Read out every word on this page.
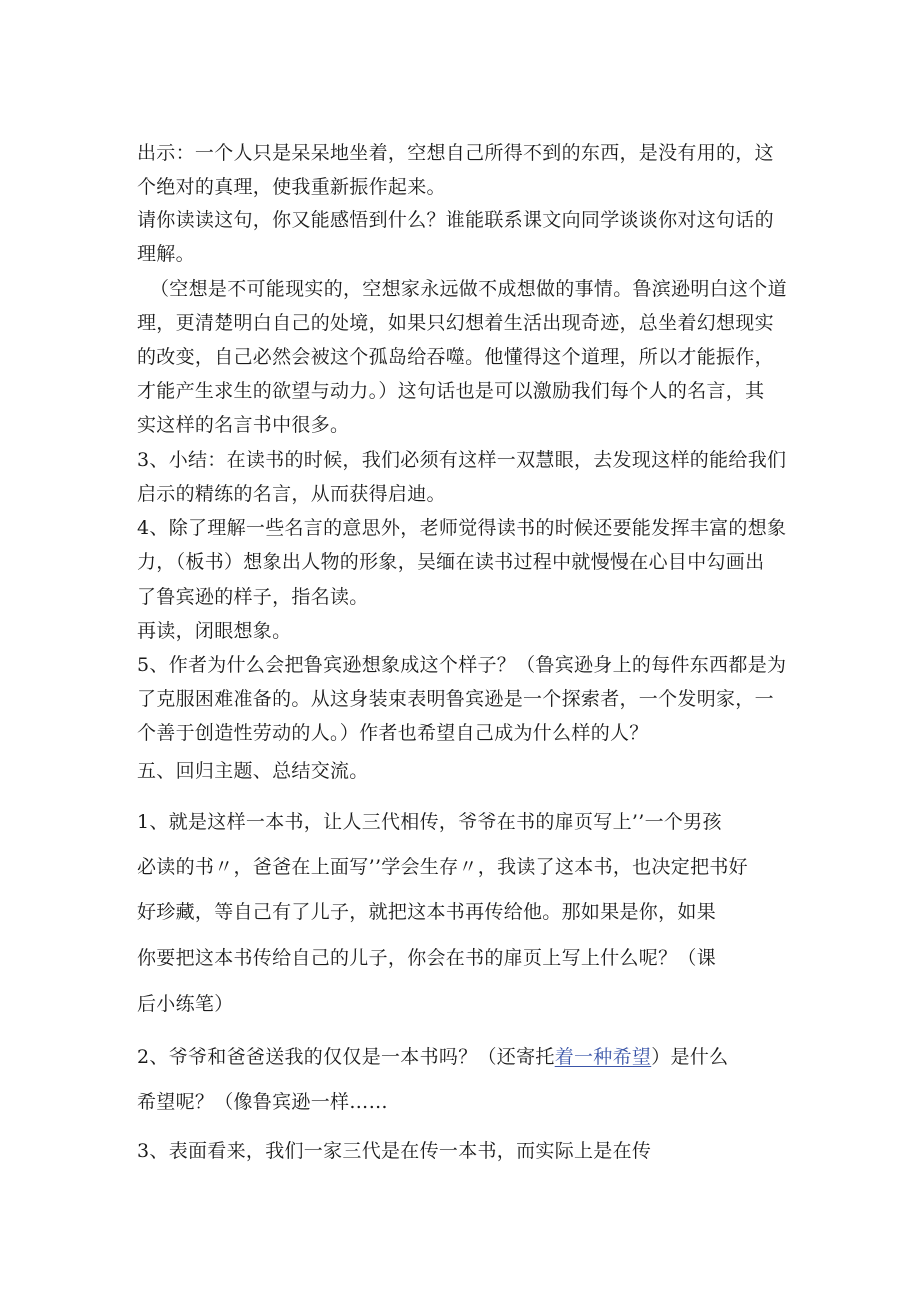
出示：一个人只是呆呆地坐着，空想自己所得不到的东西，是没有用的，这
个绝对的真理，使我重新振作起来。
请你读读这句，你又能感悟到什么？谁能联系课文向同学谈谈你对这句话的
理解。
（空想是不可能现实的，空想家永远做不成想做的事情。鲁滨逊明白这个道
理，更清楚明白自己的处境，如果只幻想着生活出现奇迹，总坐着幻想现实
的改变，自己必然会被这个孤岛给吞噬。他懂得这个道理，所以才能振作，
才能产生求生的欲望与动力。）这句话也是可以激励我们每个人的名言，其
实这样的名言书中很多。
3、小结：在读书的时候，我们必须有这样一双慧眼，去发现这样的能给我们
启示的精练的名言，从而获得启迪。
4、除了理解一些名言的意思外，老师觉得读书的时候还要能发挥丰富的想象
力，（板书）想象出人物的形象，吴缅在读书过程中就慢慢在心目中勾画出
了鲁宾逊的样子，指名读。
再读，闭眼想象。
5、作者为什么会把鲁宾逊想象成这个样子？（鲁宾逊身上的每件东西都是为
了克服困难准备的。从这身装束表明鲁宾逊是一个探索者，一个发明家，一
个善于创造性劳动的人。）作者也希望自己成为什么样的人？
五、回归主题、总结交流。
1、就是这样一本书，让人三代相传，爷爷在书的扉页写上’’一个男孩
必读的书〃，爸爸在上面写’’学会生存〃，我读了这本书，也决定把书好
好珍藏，等自己有了儿子，就把这本书再传给他。那如果是你，如果
你要把这本书传给自己的儿子，你会在书的扉页上写上什么呢？（课
后小练笔）
2、爷爷和爸爸送我的仅仅是一本书吗？（还寄托着一种希望）是什么
希望呢？（像鲁宾逊一样……
3、表面看来，我们一家三代是在传一本书，而实际上是在传
